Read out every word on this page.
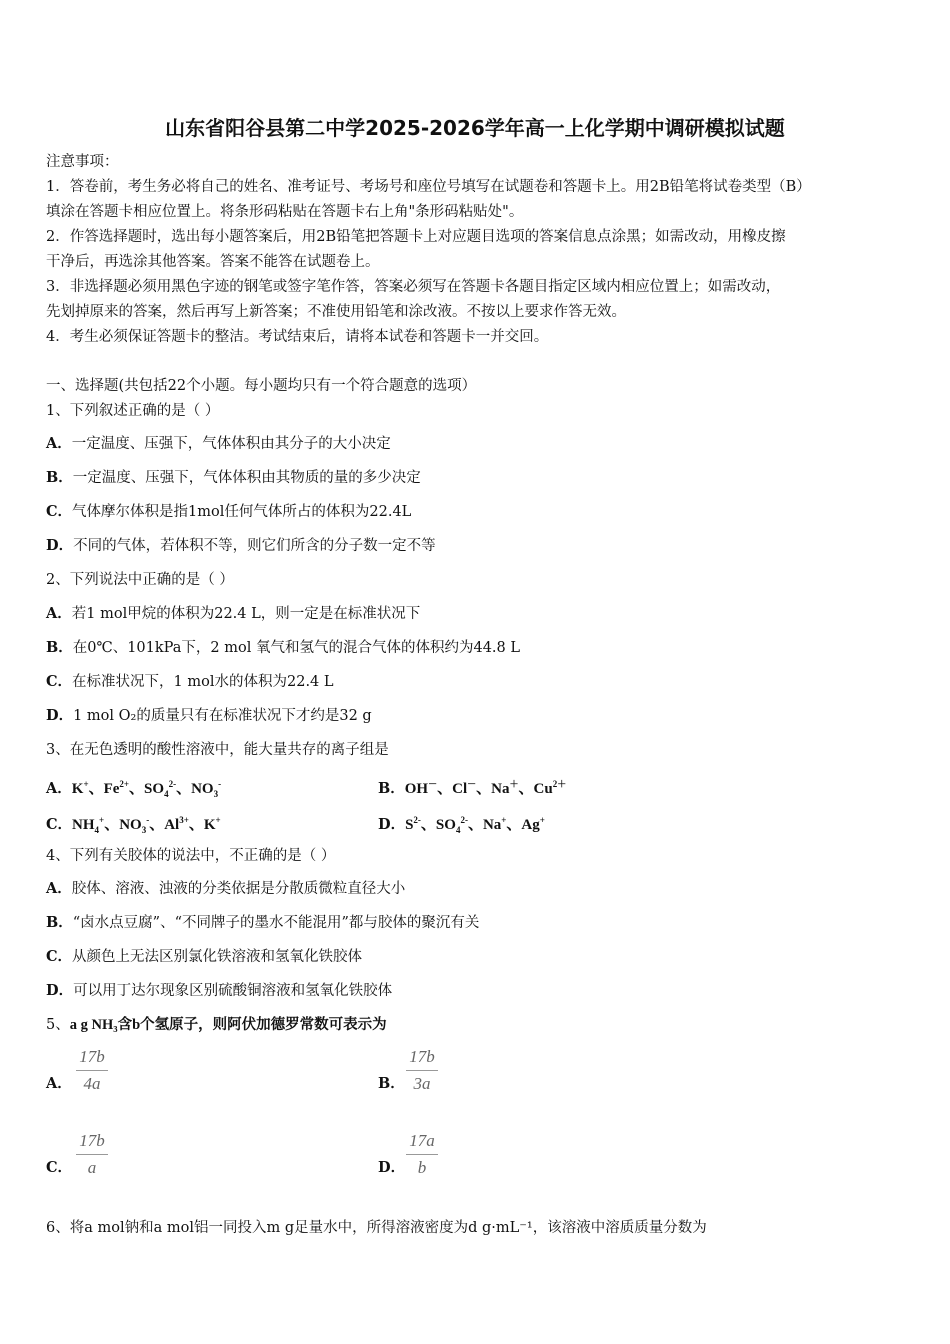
山东省阳谷县第二中学2025-2026学年高一上化学期中调研模拟试题
注意事项：
1．答卷前，考生务必将自己的姓名、准考证号、考场号和座位号填写在试题卷和答题卡上。用2B铅笔将试卷类型（B）
填涂在答题卡相应位置上。将条形码粘贴在答题卡右上角"条形码粘贴处"。
2．作答选择题时，选出每小题答案后，用2B铅笔把答题卡上对应题目选项的答案信息点涂黑；如需改动，用橡皮擦
干净后，再选涂其他答案。答案不能答在试题卷上。
3．非选择题必须用黑色字迹的钢笔或签字笔作答，答案必须写在答题卡各题目指定区域内相应位置上；如需改动，
先划掉原来的答案，然后再写上新答案；不准使用铅笔和涂改液。不按以上要求作答无效。
4．考生必须保证答题卡的整洁。考试结束后，请将本试卷和答题卡一并交回。
一、选择题(共包括22个小题。每小题均只有一个符合题意的选项）
1、下列叙述正确的是（ ）
A．一定温度、压强下，气体体积由其分子的大小决定
B．一定温度、压强下，气体体积由其物质的量的多少决定
C．气体摩尔体积是指1mol任何气体所占的体积为22.4L
D．不同的气体，若体积不等，则它们所含的分子数一定不等
2、下列说法中正确的是（ ）
A．若1 mol甲烷的体积为22.4 L，则一定是在标准状况下
B．在0℃、101kPa下，2 mol 氧气和氢气的混合气体的体积约为44.8 L
C．在标准状况下，1 mol水的体积为22.4 L
D．1 mol O₂的质量只有在标准状况下才约是32 g
3、在无色透明的酸性溶液中，能大量共存的离子组是
A．K+、$Fe^{2+}$、$SO_4^{2-}$、$NO_3^-$	B．OH－、Cl－、Na＋、$Cu^{2+}$
C．$NH_4^+$、$NO_3^-$、$Al^{3+}$、K+	D．$S^{2-}$、$SO_4^{2-}$、Na+、Ag+
4、下列有关胶体的说法中，不正确的是（ ）
A．胶体、溶液、浊液的分类依据是分散质微粒直径大小
B．“卤水点豆腐”、“不同牌子的墨水不能混用”都与胶体的聚沉有关
C．从颜色上无法区别氯化铁溶液和氢氧化铁胶体
D．可以用丁达尔现象区别硫酸铜溶液和氢氧化铁胶体
5、a g NH₃含b个氢原子，则阿伏加德罗常数可表示为
A．
17b
4a	B．
17b
3a
C．
17b
a	D．
17a
b
6、将a mol钠和a mol铝一同投入m g足量水中，所得溶液密度为d g·mL⁻¹，该溶液中溶质质量分数为
